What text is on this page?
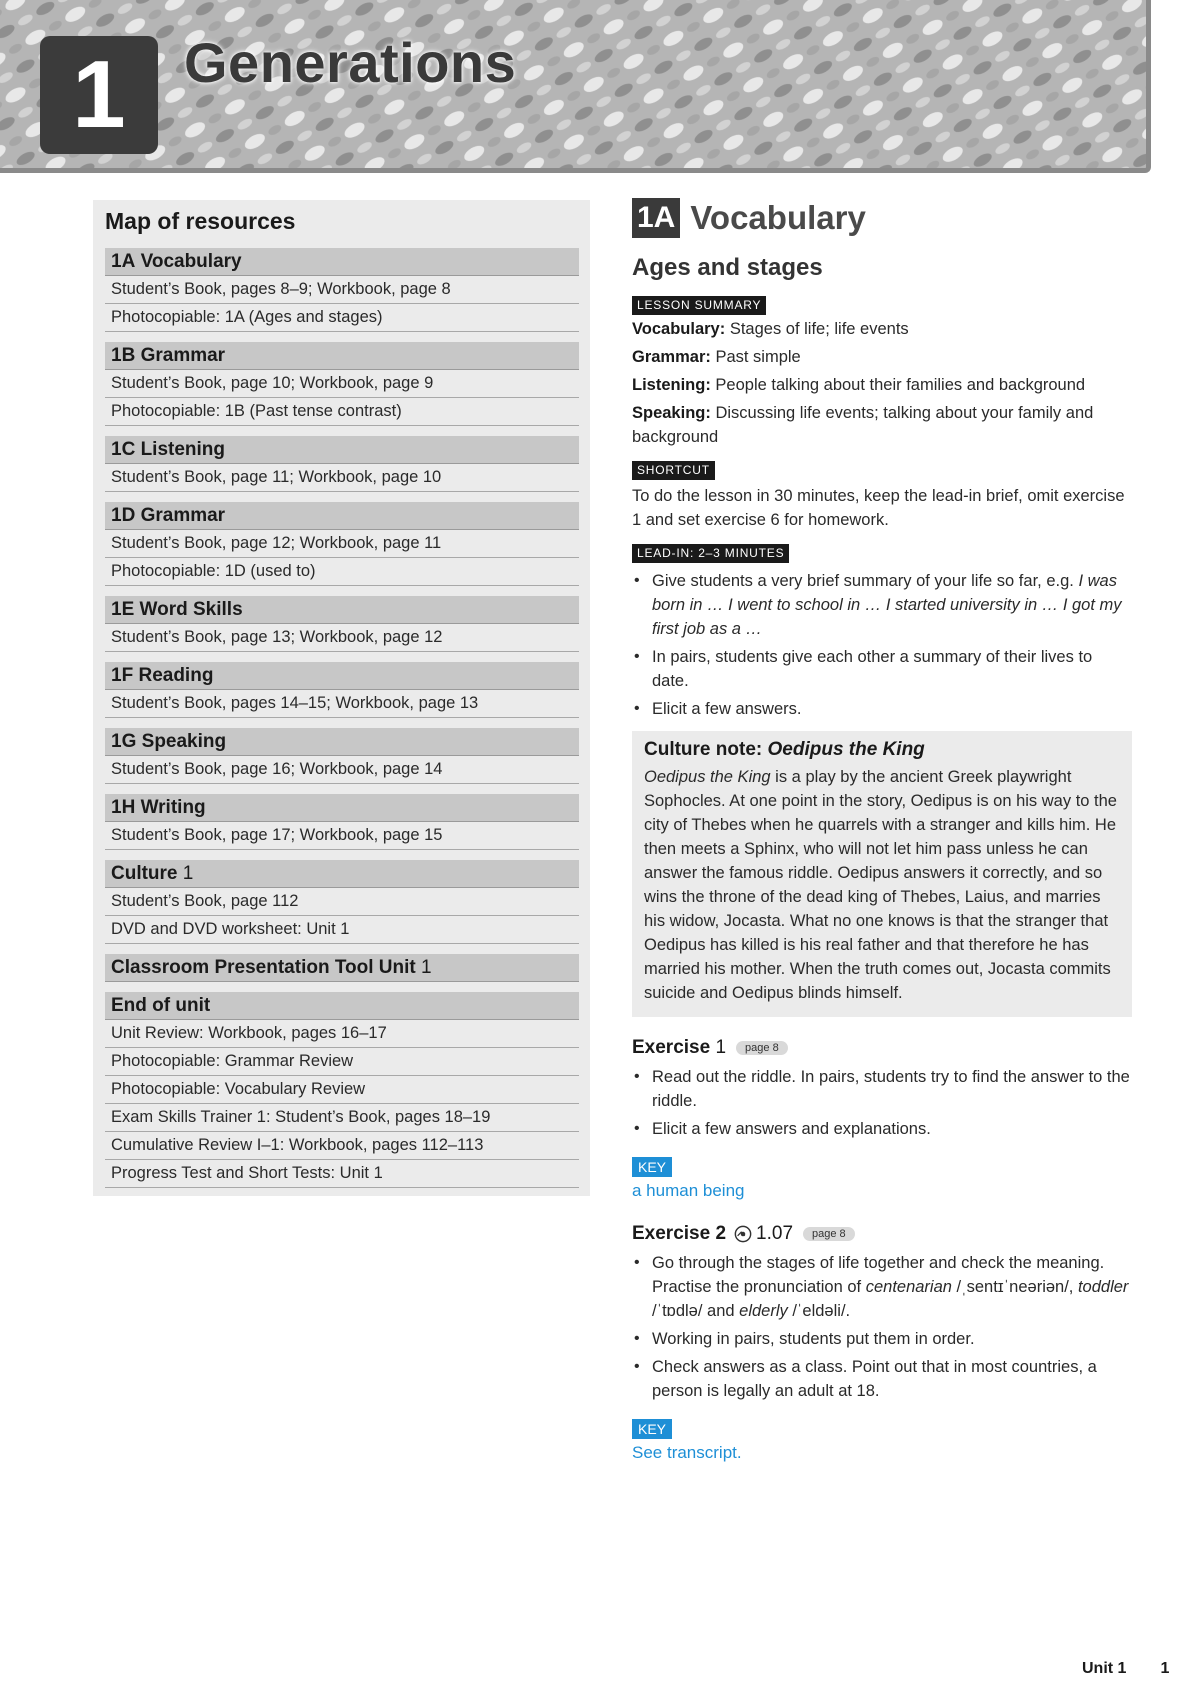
1	Generations
Map of resources
1A Vocabulary
Student’s Book, pages 8–9; Workbook, page 8
Photocopiable: 1A (Ages and stages)
1B Grammar
Student’s Book, page 10; Workbook, page 9
Photocopiable: 1B (Past tense contrast)
1C Listening
Student’s Book, page 11; Workbook, page 10
1D Grammar
Student’s Book, page 12; Workbook, page 11
Photocopiable: 1D (used to)
1E Word Skills
Student’s Book, page 13; Workbook, page 12
1F Reading
Student’s Book, pages 14–15; Workbook, page 13
1G Speaking
Student’s Book, page 16; Workbook, page 14
1H Writing
Student’s Book, page 17; Workbook, page 15
Culture 1
Student’s Book, page 112
DVD and DVD worksheet: Unit 1
Classroom Presentation Tool Unit 1
End of unit
Unit Review: Workbook, pages 16–17
Photocopiable: Grammar Review
Photocopiable: Vocabulary Review
Exam Skills Trainer 1: Student’s Book, pages 18–19
Cumulative Review I–1: Workbook, pages 112–113
Progress Test and Short Tests: Unit 1
1A Vocabulary
Ages and stages
LESSON SUMMARY
Vocabulary: Stages of life; life events
Grammar: Past simple
Listening: People talking about their families and background
Speaking: Discussing life events; talking about your family and background
SHORTCUT
To do the lesson in 30 minutes, keep the lead-in brief, omit exercise 1 and set exercise 6 for homework.
LEAD-IN: 2–3 MINUTES
• Give students a very brief summary of your life so far, e.g. I was born in … I went to school in … I started university in … I got my first job as a …
• In pairs, students give each other a summary of their lives to date.
• Elicit a few answers.
Culture note: Oedipus the King
Oedipus the King is a play by the ancient Greek playwright Sophocles. At one point in the story, Oedipus is on his way to the city of Thebes when he quarrels with a stranger and kills him. He then meets a Sphinx, who will not let him pass unless he can answer the famous riddle. Oedipus answers it correctly, and so wins the throne of the dead king of Thebes, Laius, and marries his widow, Jocasta. What no one knows is that the stranger that Oedipus has killed is his real father and that therefore he has married his mother. When the truth comes out, Jocasta commits suicide and Oedipus blinds himself.
Exercise
1	page 8
• Read out the riddle. In pairs, students try to find the answer to the riddle.
• Elicit a few answers and explanations.
KEY
a human being
Exercise 2 1.07	page 8
• Go through the stages of life together and check the meaning. Practise the pronunciation of centenarian /ˌsentɪˈneəriən/, toddler /ˈtɒdlə/ and elderly /ˈeldəli/.
• Working in pairs, students put them in order.
• Check answers as a class. Point out that in most countries, a person is legally an adult at 18.
KEY
See transcript.
Unit 1 1
